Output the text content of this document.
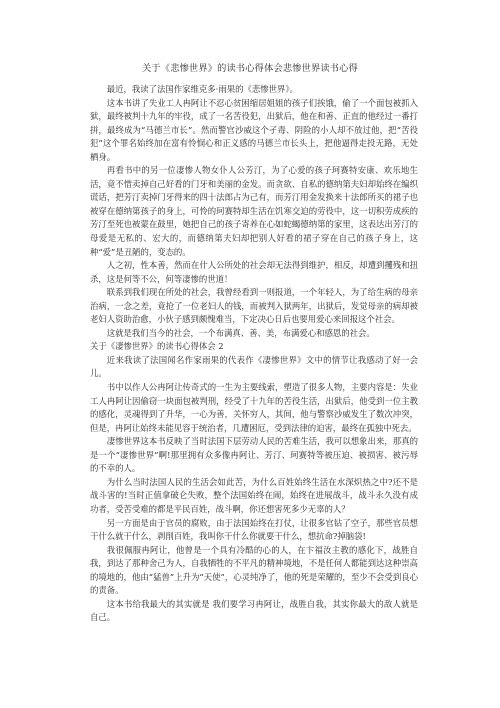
关于《悲惨世界》的读书心得体会悲惨世界读书心得

最近，我读了法国作家维克多·雨果的《悲惨世界》。

这本书讲了失业工人冉阿让不忍心贫困缩居姐姐的孩子们挨饿，偷了一个面包被抓入狱，最终被判十九年的牢役，成了一名苦役犯，出狱后，他在和善、正直的他经过一番打拼，最终成为“马德兰市长”。然而警官沙威这个孑毒、阴险的小人却不放过他，把“苦役犯”这个罪名始终加在富有怜悯心和正义感的马德兰市长头上，把他逼得走投无路，无处栖身。

再看书中的另一位凄惨人物女仆人公芳汀，为了心爱的孩子珂赛特安康、欢乐地生活，竟不惜卖掉自己好看的门牙和美丽的金发。而贪欲、自私的德纳第夫妇却始终在编织谎话，把芳汀卖掉门牙得来的四十法郎占为己有，而芳汀用金发换来十法郎所买的裙子也被穿在德纳第孩子的身上，可怜的珂赛特却生活在饥寒交迫的劳役中，这一切积劳成疾的芳汀至死也被蒙在鼓里，她把自己的孩子寄养在心如蛇蝎德纳第的家里，这表达出芳汀的母爱是无私的、宏大的，而德纳第夫妇却把别人好看的裙子穿在自己的孩子身上，这种“爱”是丑陋的，变态的。

人之初，性本善，然而在什人公所处的社会却无法得到维护，相反，却遭到攫残和扭杀，这是何等不公，何等凄惨的世道！

联系到我们现在所处的社会，我曾经看到一则报道，一个年轻人，为了给生病的母亲治病，一念之差，竟抢了一位老妇人的钱，而被判入狱两年，出狱后，发觉母亲的病却被老妇人资助治愈，小伙子感到颇愧难当，下定决心日后也要用爱心来回报这个社会。

这就是我们当今的社会，一个布满真、善、美，布满爱心和感恩的社会。

关于《凄惨世界》的读书心得体会 2

近来我读了法国闻名作家雨果的代表作《凄惨世界》文中的情节让我感动了好一会儿。

书中以作人公冉阿让传奇式的一生为主要线索，塑造了很多人物，主要内容是：失业工人冉阿让因偷窃一块面包被判刑，经受了十九年的苦役生活，出狱后，他受到一位主教的感化，灵魂得到了升华，一心为善，关怀穷人，其间，他与警察沙威发生了数次冲突，但是，冉阿让始终未能见容于统治者，几遭困厄，受到法律的迫害，最终在孤独中死去。

凄惨世界这本书反映了当时法国下层劳动人民的苦难生活，我可以想象出来，那真的是一个“凄惨世界”啊!那里拥有众多像冉阿让、芳汀、珂赛特等被压迫、被损害、被污辱的不幸的人。

为什么当时法国人民的生活会如此苦，为什么百姓始终生活在水深炽热之中?还不是战斗害的!当时正值拿破仑失败，整个法国始终在闹，始终在进展战斗，战斗永久没有成功者，受苦受难的都是平民百姓，战斗啊，你还想害死多少无辜的人？

另一方面是由于官员的腐败，由于法国始终在打仗，让很多官钻了空子，那些官员想干什么就干什么，剥削百姓，我叫你干什么你就要干什么，想抗命?掉脑袋!

我很佩服冉阿让，他曾是一个具有冷酷的心的人，在卞福汝主教的感化下，战胜自我，到达了那种舍己为人，自我牺牲的不平凡的精神境地，不是任何人都能到达这种崇高的境地的，他由“猛兽”上升为“天使”，心灵纯净了，他的死是荣耀的，至少不会受到良心的责备。

这本书给我最大的其实就是 我们要学习冉阿让，战胜自我，其实你最大的敌人就是自己。
